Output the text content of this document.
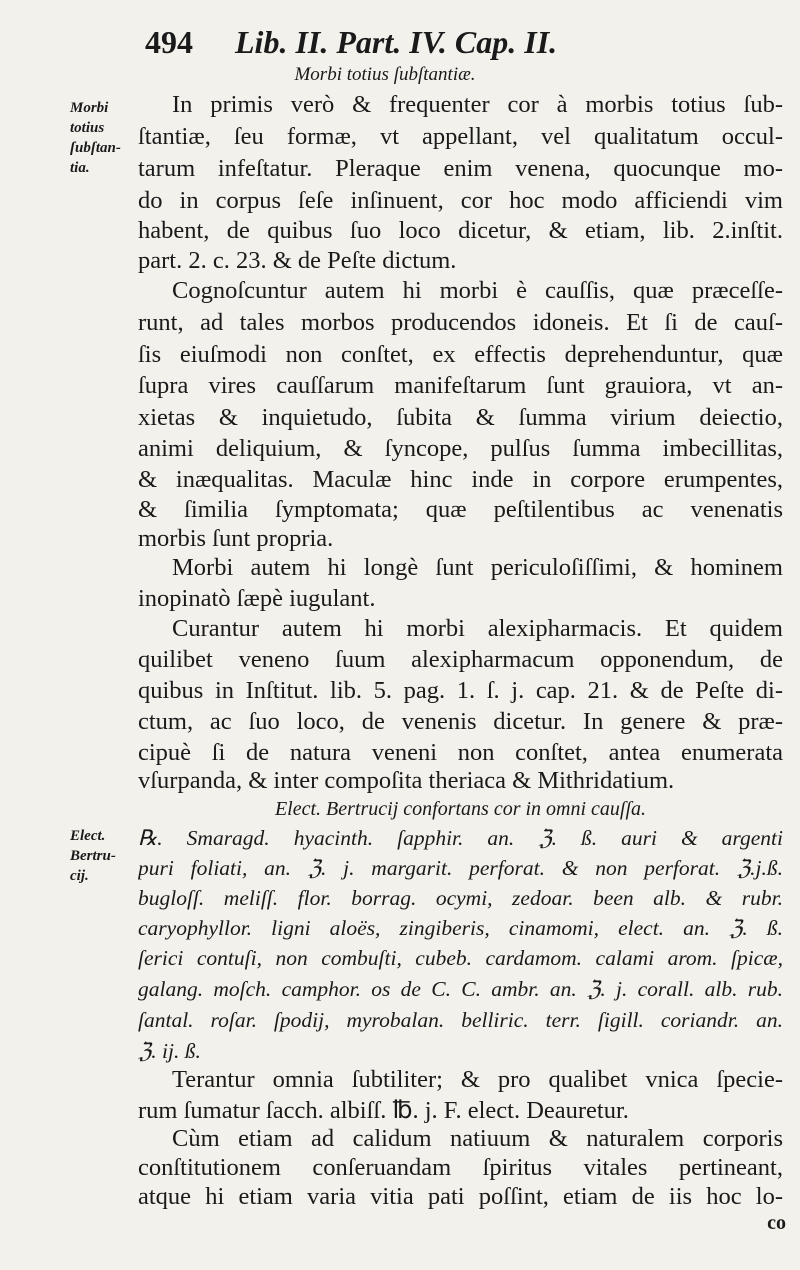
494 Lib. II. Part. IV. Cap. II.
Morbi totius ſubſtantiæ.
Morbi
totius
ſubſtan-
tia.
Elect.
Bertru-
cij.
In primis verò & frequenter cor à morbis totius ſub-
ſtantiæ, ſeu formæ, vt appellant, vel qualitatum occul-
tarum infeſtatur. Pleraque enim venena, quocunque mo-
do in corpus ſeſe inſinuent, cor hoc modo afficiendi vim
habent, de quibus ſuo loco dicetur, & etiam, lib. 2.inſtit.
part. 2. c. 23. & de Peſte dictum.
Cognoſcuntur autem hi morbi è cauſſis, quæ præceſſe-
runt, ad tales morbos producendos idoneis. Et ſi de cauſ-
ſis eiuſmodi non conſtet, ex effectis deprehenduntur, quæ
ſupra vires cauſſarum manifeſtarum ſunt grauiora, vt an-
xietas & inquietudo, ſubita & ſumma virium deiectio,
animi deliquium, & ſyncope, pulſus ſumma imbecillitas,
& inæqualitas. Maculæ hinc inde in corpore erumpentes,
& ſimilia ſymptomata; quæ peſtilentibus ac venenatis
morbis ſunt propria.
Morbi autem hi longè ſunt periculoſiſſimi, & hominem
inopinatò ſæpè iugulant.
Curantur autem hi morbi alexipharmacis. Et quidem
quilibet veneno ſuum alexipharmacum opponendum, de
quibus in Inſtitut. lib. 5. pag. 1. ſ. j. cap. 21. & de Peſte di-
ctum, ac ſuo loco, de venenis dicetur. In genere & præ-
cipuè ſi de natura veneni non conſtet, antea enumerata
vſurpanda, & inter compoſita theriaca & Mithridatium.
Elect. Bertrucij confortans cor in omni cauſſa.
℞. Smaragd. hyacinth. ſapphir. an. ℨ. ß. auri & argenti
puri foliati, an. ℨ. j. margarit. perforat. & non perforat. ℨ.j.ß.
bugloſſ. meliſſ. flor. borrag. ocymi, zedoar. been alb. & rubr.
caryophyllor. ligni aloës, zingiberis, cinamomi, elect. an. ℨ. ß.
ſerici contuſi, non combuſti, cubeb. cardamom. calami arom. ſpicæ,
galang. moſch. camphor. os de C. C. ambr. an. ℨ. j. corall. alb. rub.
ſantal. roſar. ſpodij, myrobalan. belliric. terr. ſigill. coriandr. an.
ℨ. ij. ß.
Terantur omnia ſubtiliter; & pro qualibet vnica ſpecie-
rum ſumatur ſacch. albiſſ. ℔. j. F. elect. Deauretur.
Cùm etiam ad calidum natiuum & naturalem corporis
conſtitutionem conſeruandam ſpiritus vitales pertineant,
atque hi etiam varia vitia pati poſſint, etiam de iis hoc lo-
co
